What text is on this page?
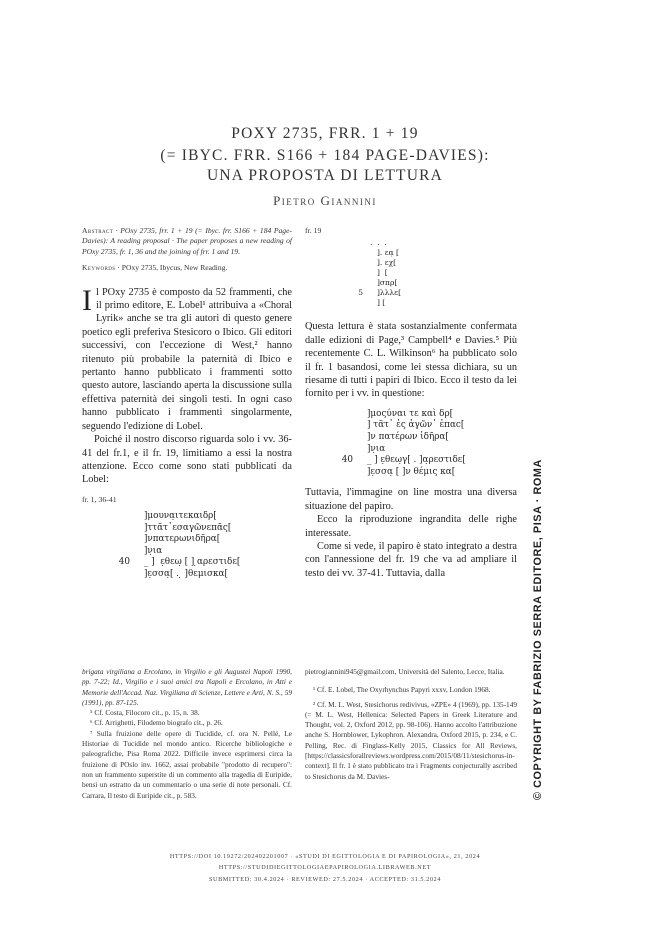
POXY 2735, FRR. 1 + 19
(= IBYC. FRR. S166 + 184 PAGE-DAVIES):
UNA PROPOSTA DI LETTURA
Pietro Giannini

Abstract · POxy 2735, frr. 1 + 19 (= Ibyc. frr. S166 + 184 Page-Davies): A reading proposal · The paper proposes a new reading of POxy 2735, fr. 1, 36 and the joining of frr. 1 and 19.

Keywords · POxy 2735, Ibycus, New Reading.

Il POxy 2735 è composto da 52 frammenti, che il primo editore, E. Lobel¹ attribuiva a «Choral Lyrik» anche se tra gli autori di questo genere poetico egli preferiva Stesicoro o Ibico. Gli editori successivi, con l'eccezione di West,² hanno ritenuto più probabile la paternità di Ibico e pertanto hanno pubblicato i frammenti sotto questo autore, lasciando aperta la discussione sulla effettiva paternità dei singoli testi. In ogni caso hanno pubblicato i frammenti singolarmente, seguendo l'edizione di Lobel.

Poiché il nostro discorso riguarda solo i vv. 36-41 del fr.1, e il fr. 19, limitiamo a essi la nostra attenzione. Ecco come sono stati pubblicati da Lobel:

fr. 1, 36-41

]μουνα̣ιτεκαιδρ[
]ττᾶτ᾽εσαγῶνεπᾶς[
]νπατερωνιδῆρα[
]ν̣ια
40 _ ]  ε̣θεω̣ [ ] ̣αρεστιδε[
]ε̣σσα̣[ . ̣ ]θεμισκα[

fr. 19

.  .  .
]. εα̣ [
]. εχ[
]  [
]σπρ[
5 ]λλλε[
] [

Questa lettura è stata sostanzialmente confermata dalle edizioni di Page,³ Campbell⁴ e Davies.⁵ Più recentemente C. L. Wilkinson⁶ ha pubblicato solo il fr. 1 basandosi, come lei stessa dichiara, su un riesame di tutti i papiri di Ibico. Ecco il testo da lei fornito per i vv. in questione:

]μοςύναι τε καὶ δρ[
] τᾶτ᾽ ἐς ἀγῶν᾽ ἐπαϲ[
]ν πατέρων ἱδῆρα[
]ν̣ια
40 _ ] ε̣θεω̣γ[ . ]α̣ρεστιδε[
]ε̣σσα̣ [ ]ν θέμις κα[

Tuttavia, l'immagine on line mostra una diversa situazione del papiro.

Ecco la riproduzione ingrandita delle righe interessate.

Come si vede, il papiro è stato integrato a destra con l'annessione del fr. 19 che va ad ampliare il testo dei vv. 37-41. Tuttavia, dalla	© COPYRIGHT BY FABRIZIO SERRA EDITORE, PISA · ROMA

brigata virgiliana a Ercolano, in Virgilio e gli Augustei Napoli 1990, pp. 7-22; Id., Virgilio e i suoi amici tra Napoli e Ercolano, in Atti e Memorie dell'Accad. Naz. Virgiliana di Scienze, Lettere e Arti, N. S., 59 (1991), pp. 87-125.

⁵ Cf. Costa, Filocoro cit., p. 15, n. 38.

⁶ Cf. Arrighetti, Filodemo biografo cit., p. 26.

⁷ Sulla fruizione delle opere di Tucidide, cf. ora N. Pellé, Le Historiae di Tucidide nel mondo antico. Ricerche bibliologiche e paleografiche, Pisa Roma 2022. Difficile invece esprimersi circa la fruizione di POslo inv. 1662, assai probabile "prodotto di recupero": non un frammento superstite di un commento alla tragedia di Euripide, bensì un estratto da un commentario o una serie di note personali. Cf. Carrara, Il testo di Euripide cit., p. 583.

pietrogiannini945@gmail.com, Università del Salento, Lecce, Italia.

¹ Cf. E. Lobel, The Oxyrhynchus Papyri xxxv, London 1968.

² Cf. M. L. West, Stesichorus redivivus, «ZPE» 4 (1969), pp. 135-149 (= M. L. West, Hellenica: Selected Papers in Greek Literature and Thought, vol. 2, Oxford 2012, pp. 98-106). Hanno accolto l'attribuzione anche S. Hornblower, Lykophron. Alexandra, Oxford 2015, p. 234, e C. Pelling, Rec. di Finglass-Kelly 2015, Classics for All Reviews, [https://classicsforallreviews.wordpress.com/2015/08/11/stesichorus-in-context]. Il fr. 1 è stato pubblicato tra i Fragments conjecturally ascribed to Stesichorus da M. Davies-

HTTPS://DOI 10.19272/202402201007 · «STUDI DI EGITTOLOGIA E DI PAPIROLOGIA», 21, 2024
HTTPS://STUDIDIEGITTOLOGIAEPAPIROLOGIA.LIBRAWEB.NET
SUBMITTED: 30.4.2024 · REVIEWED: 27.5.2024 · ACCEPTED: 31.5.2024
